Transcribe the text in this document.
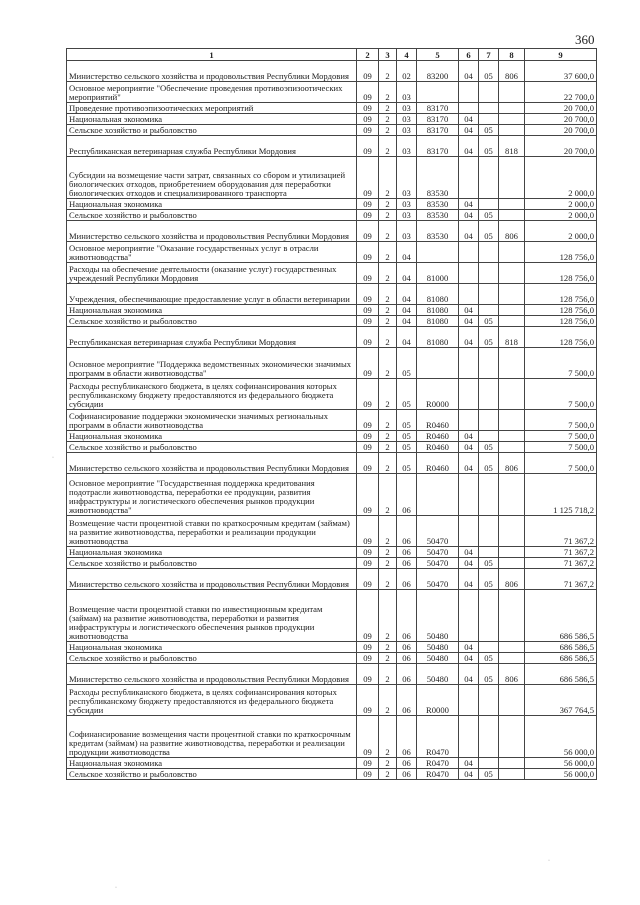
360
1	2	3	4	5	6	7	8	9
Министерство сельского хозяйства и продовольствия Республики Мордовия	09	2	02	83200	04	05	806	37 600,0
Основное мероприятие "Обеспечение проведения противоэпизоотических мероприятий"	09	2	03					22 700,0
Проведение противоэпизоотических мероприятий	09	2	03	83170				20 700,0
Национальная экономика	09	2	03	83170	04			20 700,0
Сельское хозяйство и рыболовство	09	2	03	83170	04	05		20 700,0
Республиканская ветеринарная служба Республики Мордовия	09	2	03	83170	04	05	818	20 700,0
Субсидии на возмещение части затрат, связанных со сбором и утилизацией биологических отходов, приобретением оборудования для переработки биологических отходов и специализированного транспорта	09	2	03	83530				2 000,0
Национальная экономика	09	2	03	83530	04			2 000,0
Сельское хозяйство и рыболовство	09	2	03	83530	04	05		2 000,0
Министерство сельского хозяйства и продовольствия Республики Мордовия	09	2	03	83530	04	05	806	2 000,0
Основное мероприятие "Оказание государственных услуг в отрасли животноводства"	09	2	04					128 756,0
Расходы на обеспечение деятельности (оказание услуг) государственных учреждений Республики Мордовия	09	2	04	81000				128 756,0
Учреждения, обеспечивающие предоставление услуг в области ветеринарии	09	2	04	81080				128 756,0
Национальная экономика	09	2	04	81080	04			128 756,0
Сельское хозяйство и рыболовство	09	2	04	81080	04	05		128 756,0
Республиканская ветеринарная служба Республики Мордовия	09	2	04	81080	04	05	818	128 756,0
Основное мероприятие "Поддержка ведомственных экономически значимых программ в области животноводства"	09	2	05					7 500,0
Расходы республиканского бюджета, в целях софинансирования которых республиканскому бюджету предоставляются из федерального бюджета субсидии	09	2	05	R0000				7 500,0
Софинансирование поддержки экономически значимых региональных программ в области животноводства	09	2	05	R0460				7 500,0
Национальная экономика	09	2	05	R0460	04			7 500,0
Сельское хозяйство и рыболовство	09	2	05	R0460	04	05		7 500,0
Министерство сельского хозяйства и продовольствия Республики Мордовия	09	2	05	R0460	04	05	806	7 500,0
Основное мероприятие "Государственная поддержка кредитования подотрасли животноводства, переработки ее продукции, развития инфраструктуры и логистического обеспечения рынков продукции животноводства"	09	2	06					1 125 718,2
Возмещение части процентной ставки по краткосрочным кредитам (займам) на развитие животноводства, переработки и реализации продукции животноводства	09	2	06	50470				71 367,2
Национальная экономика	09	2	06	50470	04			71 367,2
Сельское хозяйство и рыболовство	09	2	06	50470	04	05		71 367,2
Министерство сельского хозяйства и продовольствия Республики Мордовия	09	2	06	50470	04	05	806	71 367,2
Возмещение части процентной ставки по инвестиционным кредитам (займам) на развитие животноводства, переработки и развития инфраструктуры и логистического обеспечения рынков продукции животноводства	09	2	06	50480				686 586,5
Национальная экономика	09	2	06	50480	04			686 586,5
Сельское хозяйство и рыболовство	09	2	06	50480	04	05		686 586,5
Министерство сельского хозяйства и продовольствия Республики Мордовия	09	2	06	50480	04	05	806	686 586,5
Расходы республиканского бюджета, в целях софинансирования которых республиканскому бюджету предоставляются из федерального бюджета субсидии	09	2	06	R0000				367 764,5
Софинансирование возмещения части процентной ставки по краткосрочным кредитам (займам) на развитие животноводства, переработки и реализации продукции животноводства	09	2	06	R0470				56 000,0
Национальная экономика	09	2	06	R0470	04			56 000,0
Сельское хозяйство и рыболовство	09	2	06	R0470	04	05		56 000,0
·
·
·
